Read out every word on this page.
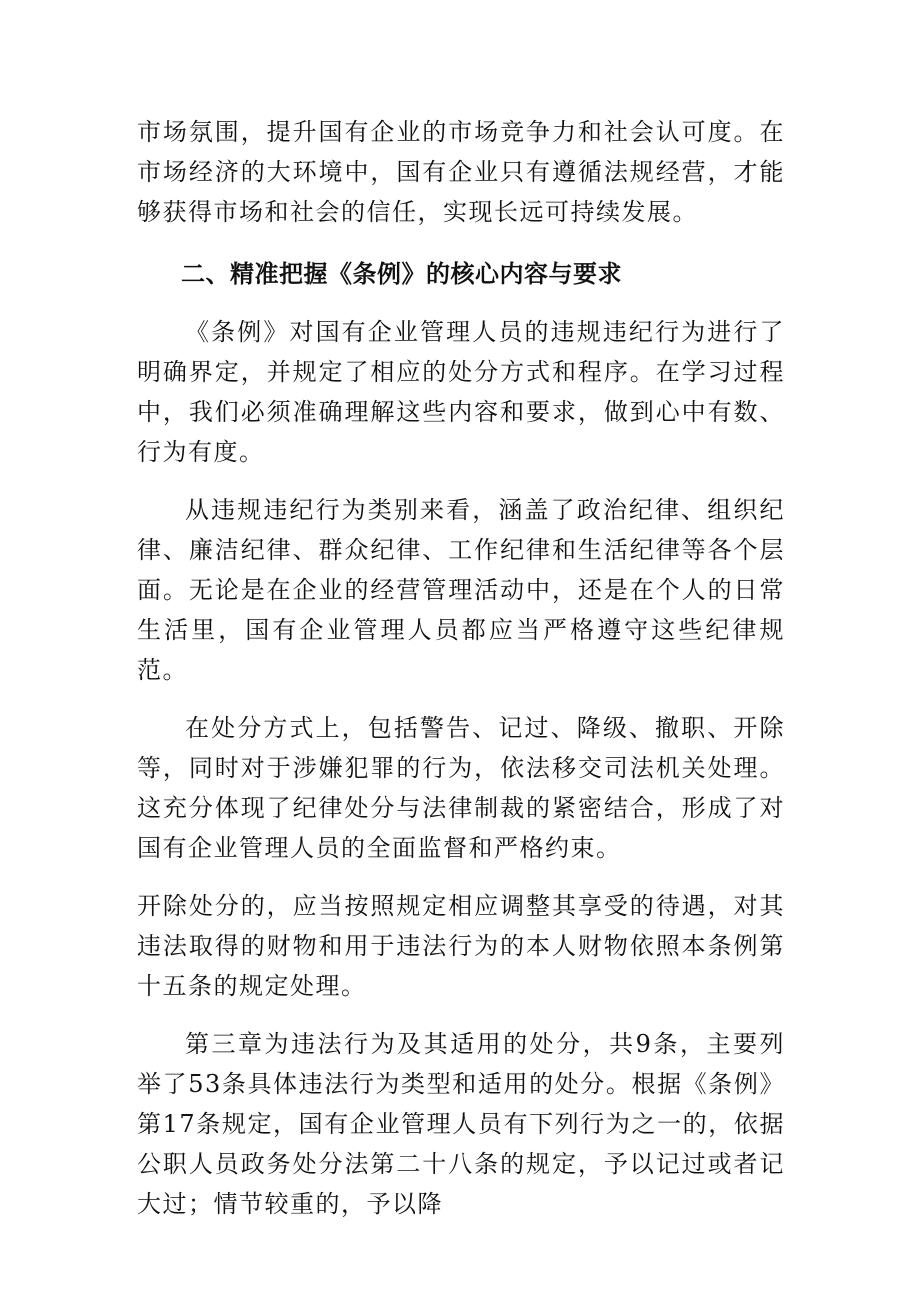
市场氛围，提升国有企业的市场竞争力和社会认可度。在市场经济的大环境中，国有企业只有遵循法规经营，才能够获得市场和社会的信任，实现长远可持续发展。

二、精准把握《条例》的核心内容与要求

《条例》对国有企业管理人员的违规违纪行为进行了明确界定，并规定了相应的处分方式和程序。在学习过程中，我们必须准确理解这些内容和要求，做到心中有数、行为有度。

从违规违纪行为类别来看，涵盖了政治纪律、组织纪律、廉洁纪律、群众纪律、工作纪律和生活纪律等各个层面。无论是在企业的经营管理活动中，还是在个人的日常生活里，国有企业管理人员都应当严格遵守这些纪律规范。

在处分方式上，包括警告、记过、降级、撤职、开除等，同时对于涉嫌犯罪的行为，依法移交司法机关处理。这充分体现了纪律处分与法律制裁的紧密结合，形成了对国有企业管理人员的全面监督和严格约束。

开除处分的，应当按照规定相应调整其享受的待遇，对其违法取得的财物和用于违法行为的本人财物依照本条例第十五条的规定处理。

第三章为违法行为及其适用的处分，共9条，主要列举了53条具体违法行为类型和适用的处分。根据《条例》第17条规定，国有企业管理人员有下列行为之一的，依据公职人员政务处分法第二十八条的规定，予以记过或者记大过；情节较重的，予以降
